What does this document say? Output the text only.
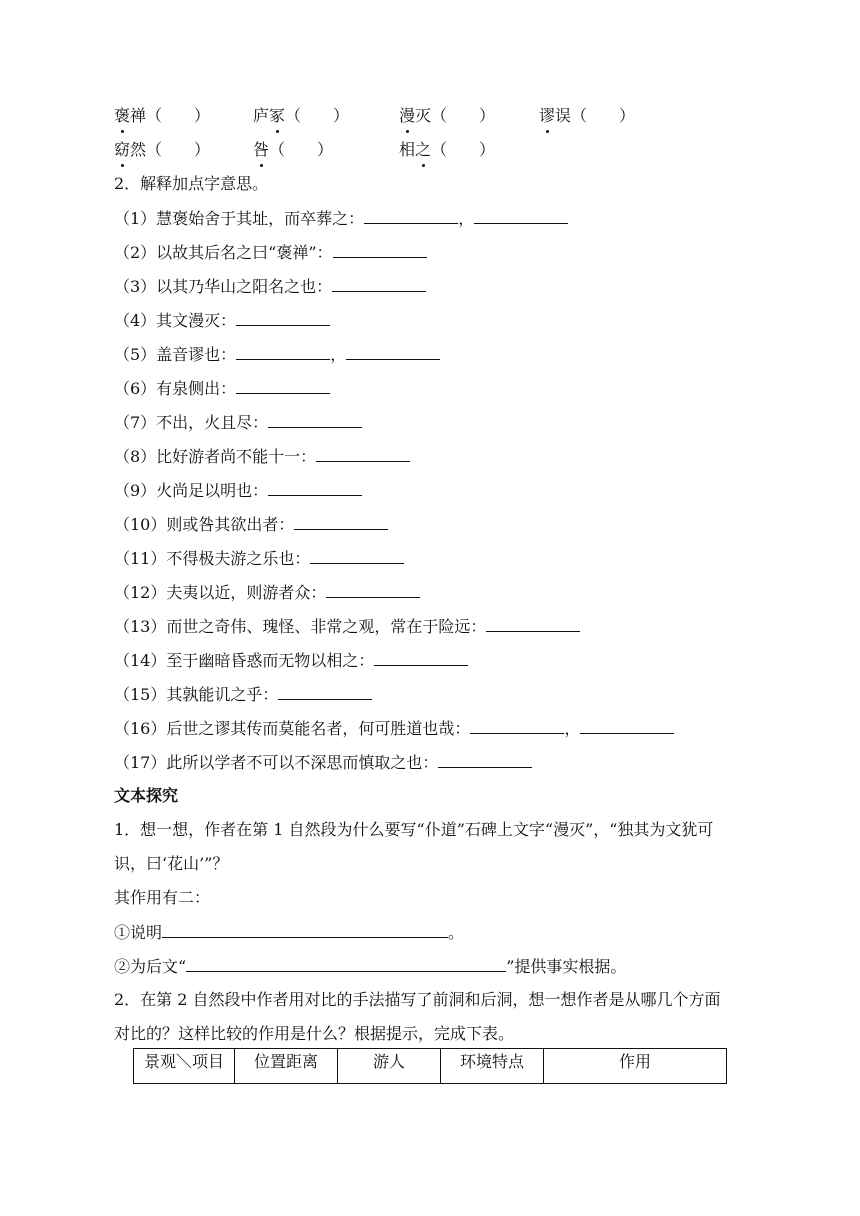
褒禅（　　）	庐冢（　　）	漫灭（　　）	谬误（　　）
窈然（　　）	咎（　　）	相之（　　）
2．解释加点字意思。
（1）慧褒始舍于其址，而卒葬之：	，
（2）以故其后名之曰“褒禅”：
（3）以其乃华山之阳名之也：
（4）其文漫灭：
（5）盖音谬也：	，
（6）有泉侧出：
（7）不出，火且尽：
（8）比好游者尚不能十一：
（9）火尚足以明也：
（10）则或咎其欲出者：
（11）不得极夫游之乐也：
（12）夫夷以近，则游者众：
（13）而世之奇伟、瑰怪、非常之观，常在于险远：
（14）至于幽暗昏惑而无物以相之：
（15）其孰能讥之乎：
（16）后世之谬其传而莫能名者，何可胜道也哉：	，
（17）此所以学者不可以不深思而慎取之也：
文本探究
1．想一想，作者在第 1 自然段为什么要写“仆道”石碑上文字“漫灭”，“独其为文犹可识，曰‘花山’”？
其作用有二：
①说明	。
②为后文“	”提供事实根据。
2．在第 2 自然段中作者用对比的手法描写了前洞和后洞，想一想作者是从哪几个方面对比的？这样比较的作用是什么？根据提示，完成下表。
景观＼项目	位置距离	游人	环境特点	作用
